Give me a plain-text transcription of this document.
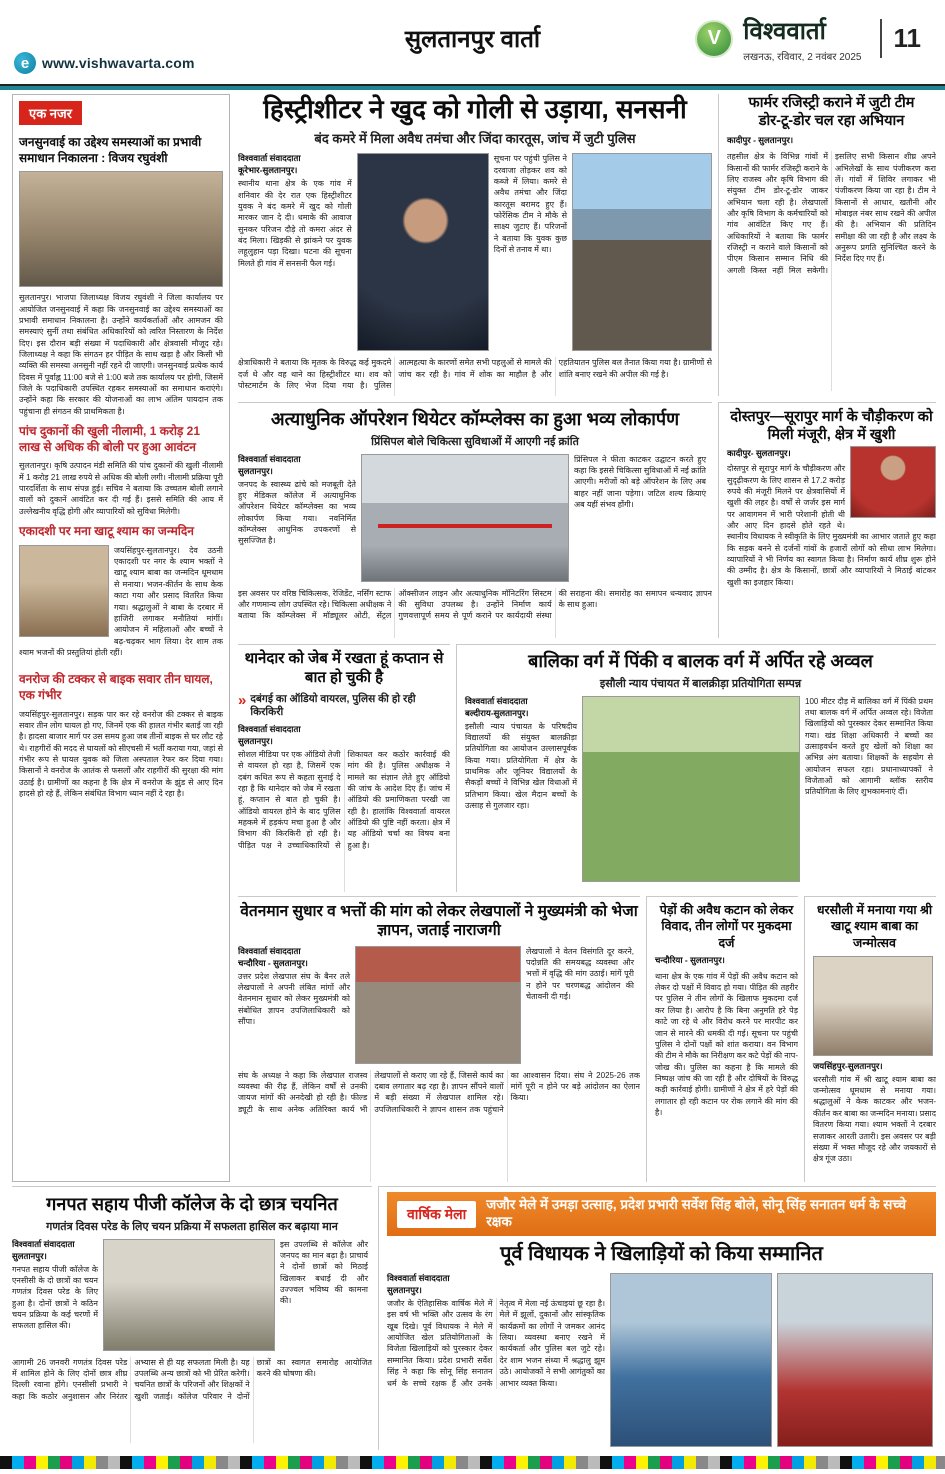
e www.vishwavarta.com
सुलतानपुर वार्ता	V विश्ववार्ता
लखनऊ, रविवार, 2 नवंबर 2025
11
एक नजर
जनसुनवाई का उद्देश्य समस्याओं का प्रभावी समाधान निकालना : विजय रघुवंशी

सुलतानपुर। भाजपा जिलाध्यक्ष विजय रघुवंशी ने जिला कार्यालय पर आयोजित जनसुनवाई में कहा कि जनसुनवाई का उद्देश्य समस्याओं का प्रभावी समाधान निकालना है। उन्होंने कार्यकर्ताओं और आमजन की समस्याएं सुनीं तथा संबंधित अधिकारियों को त्वरित निस्तारण के निर्देश दिए। इस दौरान बड़ी संख्या में पदाधिकारी और क्षेत्रवासी मौजूद रहे। जिलाध्यक्ष ने कहा कि संगठन हर पीड़ित के साथ खड़ा है और किसी भी व्यक्ति की समस्या अनसुनी नहीं रहने दी जाएगी। जनसुनवाई प्रत्येक कार्य दिवस में पूर्वाह्न 11:00 बजे से 1:00 बजे तक कार्यालय पर होगी, जिसमें जिले के पदाधिकारी उपस्थित रहकर समस्याओं का समाधान कराएंगे। उन्होंने कहा कि सरकार की योजनाओं का लाभ अंतिम पायदान तक पहुंचाना ही संगठन की प्राथमिकता है।

पांच दुकानों की खुली नीलामी, 1 करोड़ 21 लाख से अधिक की बोली पर हुआ आवंटन

सुलतानपुर। कृषि उत्पादन मंडी समिति की पांच दुकानों की खुली नीलामी में 1 करोड़ 21 लाख रुपये से अधिक की बोली लगी। नीलामी प्रक्रिया पूरी पारदर्शिता के साथ संपन्न हुई। सचिव ने बताया कि उच्चतम बोली लगाने वालों को दुकानें आवंटित कर दी गई हैं। इससे समिति की आय में उल्लेखनीय वृद्धि होगी और व्यापारियों को सुविधा मिलेगी।

एकादशी पर मना खाटू श्याम का जन्मदिन

जयसिंहपुर-सुलतानपुर। देव उठनी एकादशी पर नगर के श्याम भक्तों ने खाटू श्याम बाबा का जन्मदिन धूमधाम से मनाया। भजन-कीर्तन के साथ केक काटा गया और प्रसाद वितरित किया गया। श्रद्धालुओं ने बाबा के दरबार में हाजिरी लगाकर मनौतियां मांगीं। आयोजन में महिलाओं और बच्चों ने बढ़-चढ़कर भाग लिया। देर शाम तक श्याम भजनों की प्रस्तुतियां होती रहीं।

वनरोज की टक्कर से बाइक सवार तीन घायल, एक गंभीर

जयसिंहपुर-सुलतानपुर। सड़क पार कर रहे वनरोज की टक्कर से बाइक सवार तीन लोग घायल हो गए, जिनमें एक की हालत गंभीर बताई जा रही है। हादसा बाजार मार्ग पर उस समय हुआ जब तीनों बाइक से घर लौट रहे थे। राहगीरों की मदद से घायलों को सीएचसी में भर्ती कराया गया, जहां से गंभीर रूप से घायल युवक को जिला अस्पताल रेफर कर दिया गया। किसानों ने वनरोज के आतंक से फसलों और राहगीरों की सुरक्षा की मांग उठाई है। ग्रामीणों का कहना है कि क्षेत्र में वनरोज के झुंड से आए दिन हादसे हो रहे हैं, लेकिन संबंधित विभाग ध्यान नहीं दे रहा है।

हिस्ट्रीशीटर ने खुद को गोली से उड़ाया, सनसनी
बंद कमरे में मिला अवैध तमंचा और जिंदा कारतूस, जांच में जुटी पुलिस
विश्ववार्ता संवाददाता
कूरेभार-सुलतानपुर।

स्थानीय थाना क्षेत्र के एक गांव में शनिवार की देर रात एक हिस्ट्रीशीटर युवक ने बंद कमरे में खुद को गोली मारकर जान दे दी। धमाके की आवाज सुनकर परिजन दौड़े तो कमरा अंदर से बंद मिला। खिड़की से झांकने पर युवक लहूलुहान पड़ा दिखा। घटना की सूचना मिलते ही गांव में सनसनी फैल गई।

सूचना पर पहुंची पुलिस ने दरवाजा तोड़कर शव को कब्जे में लिया। कमरे से अवैध तमंचा और जिंदा कारतूस बरामद हुए हैं। फोरेंसिक टीम ने मौके से साक्ष्य जुटाए हैं। परिजनों ने बताया कि युवक कुछ दिनों से तनाव में था।

क्षेत्राधिकारी ने बताया कि मृतक के विरुद्ध कई मुकदमे दर्ज थे और वह थाने का हिस्ट्रीशीटर था। शव को पोस्टमार्टम के लिए भेज दिया गया है। पुलिस आत्महत्या के कारणों समेत सभी पहलुओं से मामले की जांच कर रही है। गांव में शोक का माहौल है और एहतियातन पुलिस बल तैनात किया गया है। ग्रामीणों से शांति बनाए रखने की अपील की गई है।

फार्मर रजिस्ट्री कराने में जुटी टीम
डोर-टू-डोर चल रहा अभियान
कादीपुर - सुलतानपुर।

तहसील क्षेत्र के विभिन्न गांवों में किसानों की फार्मर रजिस्ट्री कराने के लिए राजस्व और कृषि विभाग की संयुक्त टीम डोर-टू-डोर जाकर अभियान चला रही है। लेखपालों और कृषि विभाग के कर्मचारियों को गांव आवंटित किए गए हैं। अधिकारियों ने बताया कि फार्मर रजिस्ट्री न कराने वाले किसानों को पीएम किसान सम्मान निधि की अगली किस्त नहीं मिल सकेगी। इसलिए सभी किसान शीघ्र अपने अभिलेखों के साथ पंजीकरण करा लें। गांवों में शिविर लगाकर भी पंजीकरण किया जा रहा है। टीम ने किसानों से आधार, खतौनी और मोबाइल नंबर साथ रखने की अपील की है। अभियान की प्रतिदिन समीक्षा की जा रही है और लक्ष्य के अनुरूप प्रगति सुनिश्चित करने के निर्देश दिए गए हैं।

अत्याधुनिक ऑपरेशन थियेटर कॉम्प्लेक्स का हुआ भव्य लोकार्पण
प्रिंसिपल बोले चिकित्सा सुविधाओं में आएगी नई क्रांति
विश्ववार्ता संवाददाता
सुलतानपुर।

जनपद के स्वास्थ्य ढांचे को मजबूती देते हुए मेडिकल कॉलेज में अत्याधुनिक ऑपरेशन थियेटर कॉम्प्लेक्स का भव्य लोकार्पण किया गया। नवनिर्मित कॉम्प्लेक्स आधुनिक उपकरणों से सुसज्जित है।

प्रिंसिपल ने फीता काटकर उद्घाटन करते हुए कहा कि इससे चिकित्सा सुविधाओं में नई क्रांति आएगी। मरीजों को बड़े ऑपरेशन के लिए अब बाहर नहीं जाना पड़ेगा। जटिल शल्य क्रियाएं अब यहीं संभव होंगी।

इस अवसर पर वरिष्ठ चिकित्सक, रेजिडेंट, नर्सिंग स्टाफ और गणमान्य लोग उपस्थित रहे। चिकित्सा अधीक्षक ने बताया कि कॉम्प्लेक्स में मॉड्यूलर ओटी, सेंट्रल ऑक्सीजन लाइन और अत्याधुनिक मॉनिटरिंग सिस्टम की सुविधा उपलब्ध है। उन्होंने निर्माण कार्य गुणवत्तापूर्ण समय से पूर्ण कराने पर कार्यदायी संस्था की सराहना की। समारोह का समापन धन्यवाद ज्ञापन के साथ हुआ।

दोस्तपुर—सूरापुर मार्ग के चौड़ीकरण को मिली मंजूरी, क्षेत्र में खुशी
कादीपुर- सुलतानपुर।

दोस्तपुर से सूरापुर मार्ग के चौड़ीकरण और सुदृढ़ीकरण के लिए शासन से 17.2 करोड़ रुपये की मंजूरी मिलने पर क्षेत्रवासियों में खुशी की लहर है। वर्षों से जर्जर इस मार्ग पर आवागमन में भारी परेशानी होती थी और आए दिन हादसे होते रहते थे। स्थानीय विधायक ने स्वीकृति के लिए मुख्यमंत्री का आभार जताते हुए कहा कि सड़क बनने से दर्जनों गांवों के हजारों लोगों को सीधा लाभ मिलेगा। व्यापारियों ने भी निर्णय का स्वागत किया है। निर्माण कार्य शीघ्र शुरू होने की उम्मीद है। क्षेत्र के किसानों, छात्रों और व्यापारियों ने मिठाई बांटकर खुशी का इजहार किया।

थानेदार को जेब में रखता हूं कप्तान से बात हो चुकी है
» दबंगई का ऑडियो वायरल, पुलिस की हो रही किरकिरी
विश्ववार्ता संवाददाता
सुलतानपुर।

सोशल मीडिया पर एक ऑडियो तेजी से वायरल हो रहा है, जिसमें एक दबंग कथित रूप से कहता सुनाई दे रहा है कि थानेदार को जेब में रखता हूं, कप्तान से बात हो चुकी है। ऑडियो वायरल होने के बाद पुलिस महकमे में हड़कंप मचा हुआ है और विभाग की किरकिरी हो रही है। पीड़ित पक्ष ने उच्चाधिकारियों से शिकायत कर कठोर कार्रवाई की मांग की है। पुलिस अधीक्षक ने मामले का संज्ञान लेते हुए ऑडियो की जांच के आदेश दिए हैं। जांच में ऑडियो की प्रमाणिकता परखी जा रही है। हालांकि विश्ववार्ता वायरल ऑडियो की पुष्टि नहीं करता। क्षेत्र में यह ऑडियो चर्चा का विषय बना हुआ है।

बालिका वर्ग में पिंकी व बालक वर्ग में अर्पित रहे अव्वल
इसौली न्याय पंचायत में बालक्रीड़ा प्रतियोगिता सम्पन्न
विश्ववार्ता संवाददाता
बल्दीराय-सुलतानपुर।

इसौली न्याय पंचायत के परिषदीय विद्यालयों की संयुक्त बालक्रीड़ा प्रतियोगिता का आयोजन उल्लासपूर्वक किया गया। प्रतियोगिता में क्षेत्र के प्राथमिक और जूनियर विद्यालयों के सैकड़ों बच्चों ने विभिन्न खेल विधाओं में प्रतिभाग किया। खेल मैदान बच्चों के उत्साह से गुलजार रहा।

100 मीटर दौड़ में बालिका वर्ग में पिंकी प्रथम तथा बालक वर्ग में अर्पित अव्वल रहे। विजेता खिलाड़ियों को पुरस्कार देकर सम्मानित किया गया। खंड शिक्षा अधिकारी ने बच्चों का उत्साहवर्धन करते हुए खेलों को शिक्षा का अभिन्न अंग बताया। शिक्षकों के सहयोग से आयोजन सफल रहा। प्रधानाध्यापकों ने विजेताओं को आगामी ब्लॉक स्तरीय प्रतियोगिता के लिए शुभकामनाएं दीं।

वेतनमान सुधार व भत्तों की मांग को लेकर लेखपालों ने मुख्यमंत्री को भेजा ज्ञापन, जताई नाराजगी
विश्ववार्ता संवाददाता
चन्दौरिया - सुलतानपुर।

उत्तर प्रदेश लेखपाल संघ के बैनर तले लेखपालों ने अपनी लंबित मांगों और वेतनमान सुधार को लेकर मुख्यमंत्री को संबोधित ज्ञापन उपजिलाधिकारी को सौंपा।

लेखपालों ने वेतन विसंगति दूर करने, पदोन्नति की समयबद्ध व्यवस्था और भत्तों में वृद्धि की मांग उठाई। मांगें पूरी न होने पर चरणबद्ध आंदोलन की चेतावनी दी गई।

संघ के अध्यक्ष ने कहा कि लेखपाल राजस्व व्यवस्था की रीढ़ हैं, लेकिन वर्षों से उनकी जायज मांगों की अनदेखी हो रही है। फील्ड ड्यूटी के साथ अनेक अतिरिक्त कार्य भी लेखपालों से कराए जा रहे हैं, जिससे कार्य का दबाव लगातार बढ़ रहा है। ज्ञापन सौंपने वालों में बड़ी संख्या में लेखपाल शामिल रहे। उपजिलाधिकारी ने ज्ञापन शासन तक पहुंचाने का आश्वासन दिया। संघ ने 2025-26 तक मांगें पूरी न होने पर बड़े आंदोलन का ऐलान किया।

पेड़ों की अवैध कटान को लेकर विवाद, तीन लोगों पर मुकदमा दर्ज
चन्दौरिया - सुलतानपुर।

थाना क्षेत्र के एक गांव में पेड़ों की अवैध कटान को लेकर दो पक्षों में विवाद हो गया। पीड़ित की तहरीर पर पुलिस ने तीन लोगों के खिलाफ मुकदमा दर्ज कर लिया है। आरोप है कि बिना अनुमति हरे पेड़ काटे जा रहे थे और विरोध करने पर मारपीट कर जान से मारने की धमकी दी गई। सूचना पर पहुंची पुलिस ने दोनों पक्षों को शांत कराया। वन विभाग की टीम ने मौके का निरीक्षण कर कटे पेड़ों की नाप-जोख की। पुलिस का कहना है कि मामले की निष्पक्ष जांच की जा रही है और दोषियों के विरुद्ध कड़ी कार्रवाई होगी। ग्रामीणों ने क्षेत्र में हरे पेड़ों की लगातार हो रही कटान पर रोक लगाने की मांग की है।

धरसौली में मनाया गया श्री खाटू श्याम बाबा का जन्मोत्सव
जयसिंहपुर-सुलतानपुर।

धरसौली गांव में श्री खाटू श्याम बाबा का जन्मोत्सव धूमधाम से मनाया गया। श्रद्धालुओं ने केक काटकर और भजन-कीर्तन कर बाबा का जन्मदिन मनाया। प्रसाद वितरण किया गया। श्याम भक्तों ने दरबार सजाकर आरती उतारी। इस अवसर पर बड़ी संख्या में भक्त मौजूद रहे और जयकारों से क्षेत्र गूंज उठा।

गनपत सहाय पीजी कॉलेज के दो छात्र चयनित
गणतंत्र दिवस परेड के लिए चयन प्रक्रिया में सफलता हासिल कर बढ़ाया मान
विश्ववार्ता संवाददाता
सुलतानपुर।

गनपत सहाय पीजी कॉलेज के एनसीसी के दो छात्रों का चयन गणतंत्र दिवस परेड के लिए हुआ है। दोनों छात्रों ने कठिन चयन प्रक्रिया के कई चरणों में सफलता हासिल की।

इस उपलब्धि से कॉलेज और जनपद का मान बढ़ा है। प्राचार्य ने दोनों छात्रों को मिठाई खिलाकर बधाई दी और उज्ज्वल भविष्य की कामना की।

आगामी 26 जनवरी गणतंत्र दिवस परेड में शामिल होने के लिए दोनों छात्र शीघ्र दिल्ली रवाना होंगे। एनसीसी प्रभारी ने कहा कि कठोर अनुशासन और निरंतर अभ्यास से ही यह सफलता मिली है। यह उपलब्धि अन्य छात्रों को भी प्रेरित करेगी। चयनित छात्रों के परिजनों और शिक्षकों ने खुशी जताई। कॉलेज परिवार ने दोनों छात्रों का स्वागत समारोह आयोजित करने की घोषणा की।

वार्षिक मेला
जजौर मेले में उमड़ा उत्साह, प्रदेश प्रभारी सर्वेश सिंह बोले, सोनू सिंह सनातन धर्म के सच्चे रक्षक
पूर्व विधायक ने खिलाड़ियों को किया सम्मानित
विश्ववार्ता संवाददाता
सुलतानपुर।

जजौर के ऐतिहासिक वार्षिक मेले में इस वर्ष भी भक्ति और उत्सव के रंग खूब दिखे। पूर्व विधायक ने मेले में आयोजित खेल प्रतियोगिताओं के विजेता खिलाड़ियों को पुरस्कार देकर सम्मानित किया। प्रदेश प्रभारी सर्वेश सिंह ने कहा कि सोनू सिंह सनातन धर्म के सच्चे रक्षक हैं और उनके नेतृत्व में मेला नई ऊंचाइयां छू रहा है। मेले में झूलों, दुकानों और सांस्कृतिक कार्यक्रमों का लोगों ने जमकर आनंद लिया। व्यवस्था बनाए रखने में कार्यकर्ता और पुलिस बल जुटे रहे। देर शाम भजन संध्या में श्रद्धालु झूम उठे। आयोजकों ने सभी आगंतुकों का आभार व्यक्त किया।
